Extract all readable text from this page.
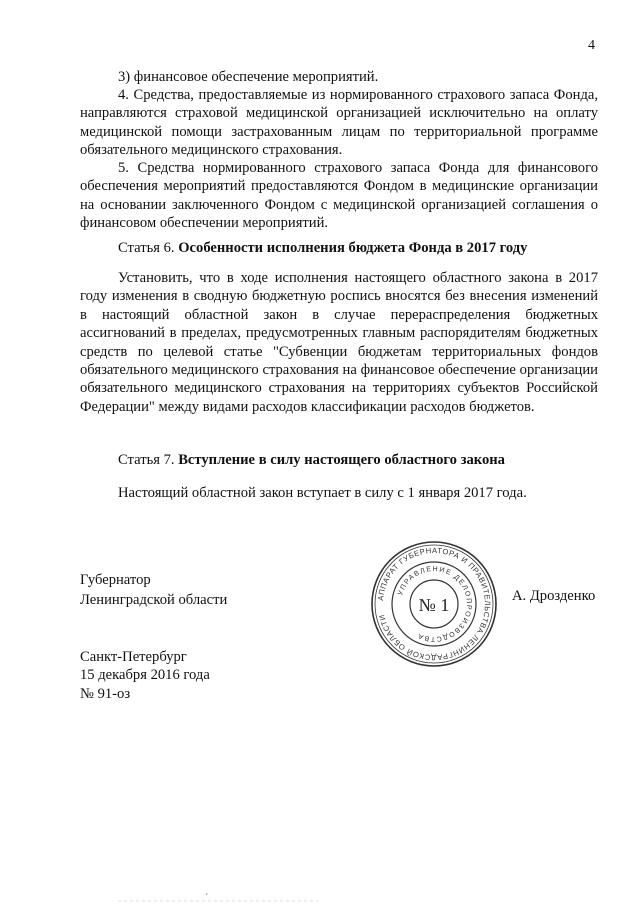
4
3) финансовое обеспечение мероприятий.
4. Средства, предоставляемые из нормированного страхового запаса Фонда, направляются страховой медицинской организацией исключительно на оплату медицинской помощи застрахованным лицам по территориальной программе обязательного медицинского страхования.
5. Средства нормированного страхового запаса Фонда для финансового обеспечения мероприятий предоставляются Фондом в медицинские организации на основании заключенного Фондом с медицинской организацией соглашения о финансовом обеспечении мероприятий.
Статья 6. Особенности исполнения бюджета Фонда в 2017 году
Установить, что в ходе исполнения настоящего областного закона в 2017 году изменения в сводную бюджетную роспись вносятся без внесения изменений в настоящий областной закон в случае перераспределения бюджетных ассигнований в пределах, предусмотренных главным распорядителям бюджетных средств по целевой статье "Субвенции бюджетам территориальных фондов обязательного медицинского страхования на финансовое обеспечение организации обязательного медицинского страхования на территориях субъектов Российской Федерации" между видами расходов классификации расходов бюджетов.
Статья 7. Вступление в силу настоящего областного закона
Настоящий областной закон вступает в силу с 1 января 2017 года.
Губернатор
Ленинградской области	АППАРАТ ГУБЕРНАТОРА И ПРАВИТЕЛЬСТВА ЛЕНИНГРАДСКОЙ ОБЛАСТИ
УПРАВЛЕНИЕ ДЕЛОПРОИЗВОДСТВА
№ 1	А. Дрозденко
Санкт-Петербург
15 декабря 2016 года
№ 91-оз
